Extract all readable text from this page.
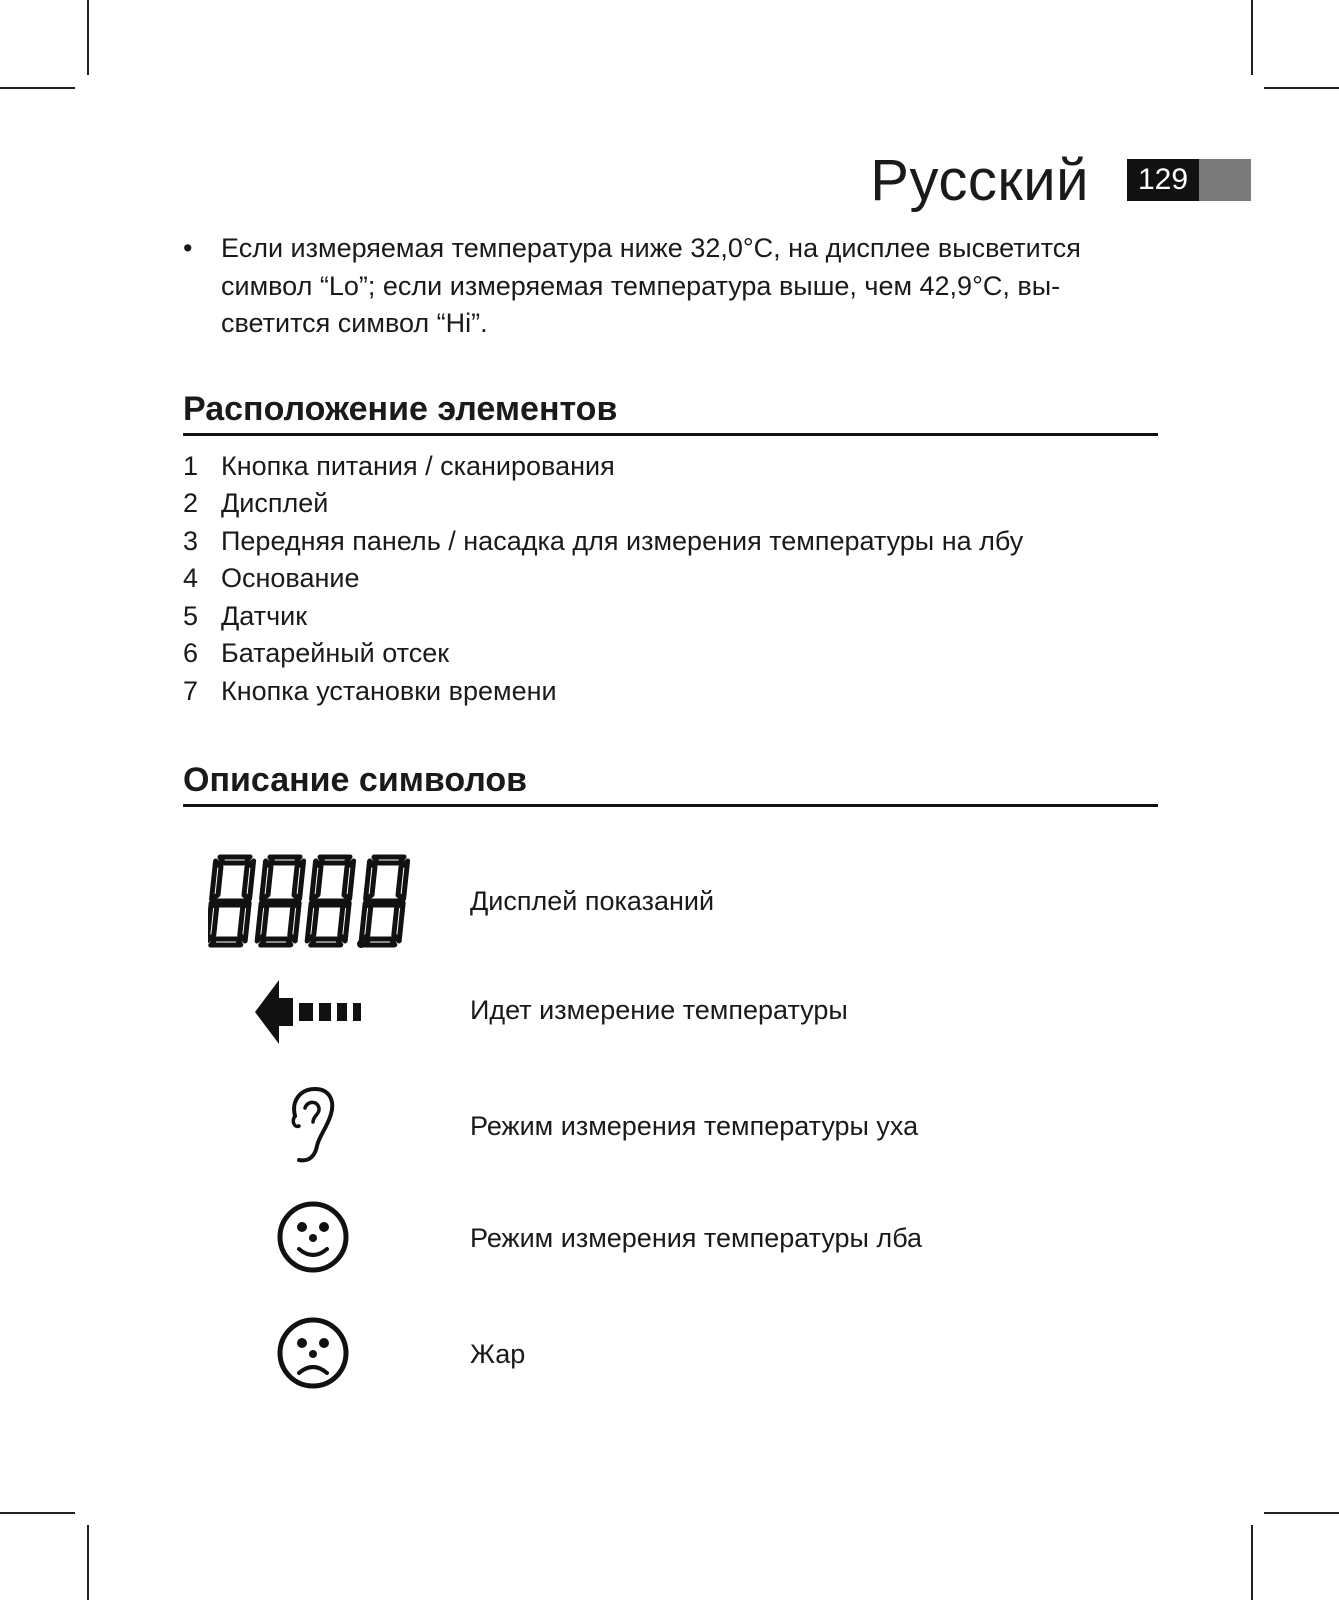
Русский	129
• Если измеряемая температура ниже 32,0°C, на дисплее высветится
символ “Lo”; если измеряемая температура выше, чем 42,9°C, вы-
светится символ “Hi”.
Расположение элементов
1 Кнопка питания / сканирования
2 Дисплей
3 Передняя панель / насадка для измерения температуры на лбу
4 Основание
5 Датчик
6 Батарейный отсек
7 Кнопка установки времени
Описание символов
Дисплей показаний
Идет измерение температуры
Режим измерения температуры уха
Режим измерения температуры лба
Жар
